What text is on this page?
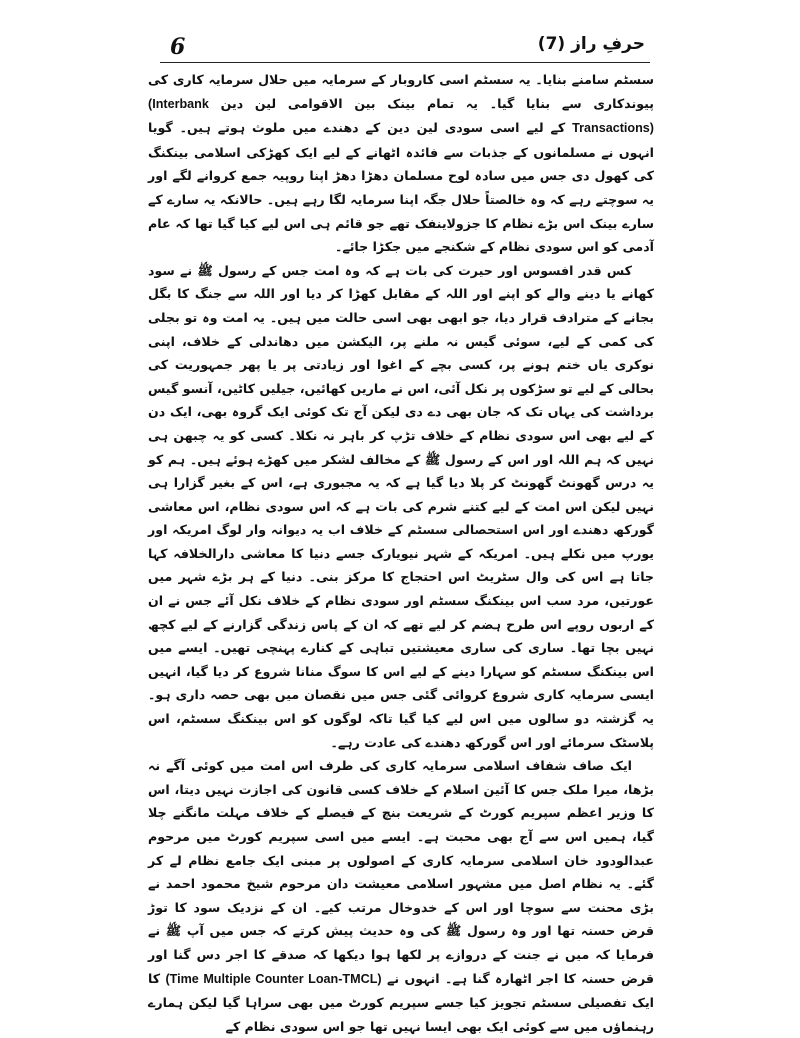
6	حرفِ راز (7)

سسٹم سامنے بنایا۔ یہ سسٹم اسی کاروبار کے سرمایہ میں حلال سرمایہ کاری کی پیوندکاری سے بنایا گیا۔ یہ تمام بینک بین الاقوامی لین دین (Interbank Transactions) کے لیے اسی سودی لین دین کے دھندے میں ملوث ہوتے ہیں۔ گویا انہوں نے مسلمانوں کے جذبات سے فائدہ اٹھانے کے لیے ایک کھڑکی اسلامی بینکنگ کی کھول دی جس میں سادہ لوح مسلمان دھڑا دھڑ اپنا روپیہ جمع کروانے لگے اور یہ سوچتے رہے کہ وہ خالصتاً حلال جگہ اپنا سرمایہ لگا رہے ہیں۔ حالانکہ یہ سارے کے سارے بینک اس بڑے نظام کا جزولاینفک تھے جو قائم ہی اس لیے کیا گیا تھا کہ عام آدمی کو اس سودی نظام کے شکنجے میں جکڑا جائے۔

کس قدر افسوس اور حیرت کی بات ہے کہ وہ امت جس کے رسول ﷺ نے سود کھانے یا دینے والے کو اپنے اور اللہ کے مقابل کھڑا کر دیا اور اللہ سے جنگ کا بگل بجانے کے مترادف قرار دیا، جو ابھی بھی اسی حالت میں ہیں۔ یہ امت وہ تو بجلی کی کمی کے لیے، سوئی گیس نہ ملنے پر، الیکشن میں دھاندلی کے خلاف، اپنی نوکری یاں ختم ہونے پر، کسی بچے کے اغوا اور زیادتی پر یا پھر جمہوریت کی بحالی کے لیے تو سڑکوں پر نکل آئی، اس نے ماریں کھائیں، جیلیں کاٹیں، آنسو گیس برداشت کی یہاں تک کہ جان بھی دے دی لیکن آج تک کوئی ایک گروہ بھی، ایک دن کے لیے بھی اس سودی نظام کے خلاف تڑپ کر باہر نہ نکلا۔ کسی کو یہ چبھن ہی نہیں کہ ہم اللہ اور اس کے رسول ﷺ کے مخالف لشکر میں کھڑے ہوئے ہیں۔ ہم کو یہ درس گھونٹ گھونٹ کر پلا دیا گیا ہے کہ یہ مجبوری ہے، اس کے بغیر گزارا ہی نہیں لیکن اس امت کے لیے کتنے شرم کی بات ہے کہ اس سودی نظام، اس معاشی گورکھ دھندے اور اس استحصالی سسٹم کے خلاف اب یہ دیوانہ وار لوگ امریکہ اور یورپ میں نکلے ہیں۔ امریکہ کے شہر نیویارک جسے دنیا کا معاشی دارالخلافہ کہا جاتا ہے اس کی وال سٹریٹ اس احتجاج کا مرکز بنی۔ دنیا کے ہر بڑے شہر میں عورتیں، مرد سب اس بینکنگ سسٹم اور سودی نظام کے خلاف نکل آئے جس نے ان کے اربوں روپے اس طرح ہضم کر لیے تھے کہ ان کے پاس زندگی گزارنے کے لیے کچھ نہیں بچا تھا۔ ساری کی ساری معیشتیں تباہی کے کنارے پہنچی تھیں۔ ایسے میں اس بینکنگ سسٹم کو سہارا دینے کے لیے اس کا سوگ منانا شروع کر دیا گیا، انہیں ایسی سرمایہ کاری شروع کروائی گئی جس میں نقصان میں بھی حصہ داری ہو۔ یہ گزشتہ دو سالوں میں اس لیے کیا گیا تاکہ لوگوں کو اس بینکنگ سسٹم، اس پلاسٹک سرمائے اور اس گورکھ دھندے کی عادت رہے۔

ایک صاف شفاف اسلامی سرمایہ کاری کی طرف اس امت میں کوئی آگے نہ بڑھا، میرا ملک جس کا آئین اسلام کے خلاف کسی قانون کی اجازت نہیں دیتا، اس کا وزیر اعظم سپریم کورٹ کے شریعت بنچ کے فیصلے کے خلاف مہلت مانگنے چلا گیا، ہمیں اس سے آج بھی محبت ہے۔ ایسے میں اسی سپریم کورٹ میں مرحوم عبدالودود خان اسلامی سرمایہ کاری کے اصولوں پر مبنی ایک جامع نظام لے کر گئے۔ یہ نظام اصل میں مشہور اسلامی معیشت دان مرحوم شیخ محمود احمد نے بڑی محنت سے سوچا اور اس کے خدوخال مرتب کیے۔ ان کے نزدیک سود کا توڑ قرض حسنہ تھا اور وہ رسول ﷺ کی وہ حدیث پیش کرتے کہ جس میں آپ ﷺ نے فرمایا کہ میں نے جنت کے دروازے پر لکھا ہوا دیکھا کہ صدقے کا اجر دس گنا اور قرض حسنہ کا اجر اٹھارہ گنا ہے۔ انہوں نے (Time Multiple Counter Loan-TMCL) کا ایک تفصیلی سسٹم تجویز کیا جسے سپریم کورٹ میں بھی سراہا گیا لیکن ہمارے رہنماؤں میں سے کوئی ایک بھی ایسا نہیں تھا جو اس سودی نظام کے
